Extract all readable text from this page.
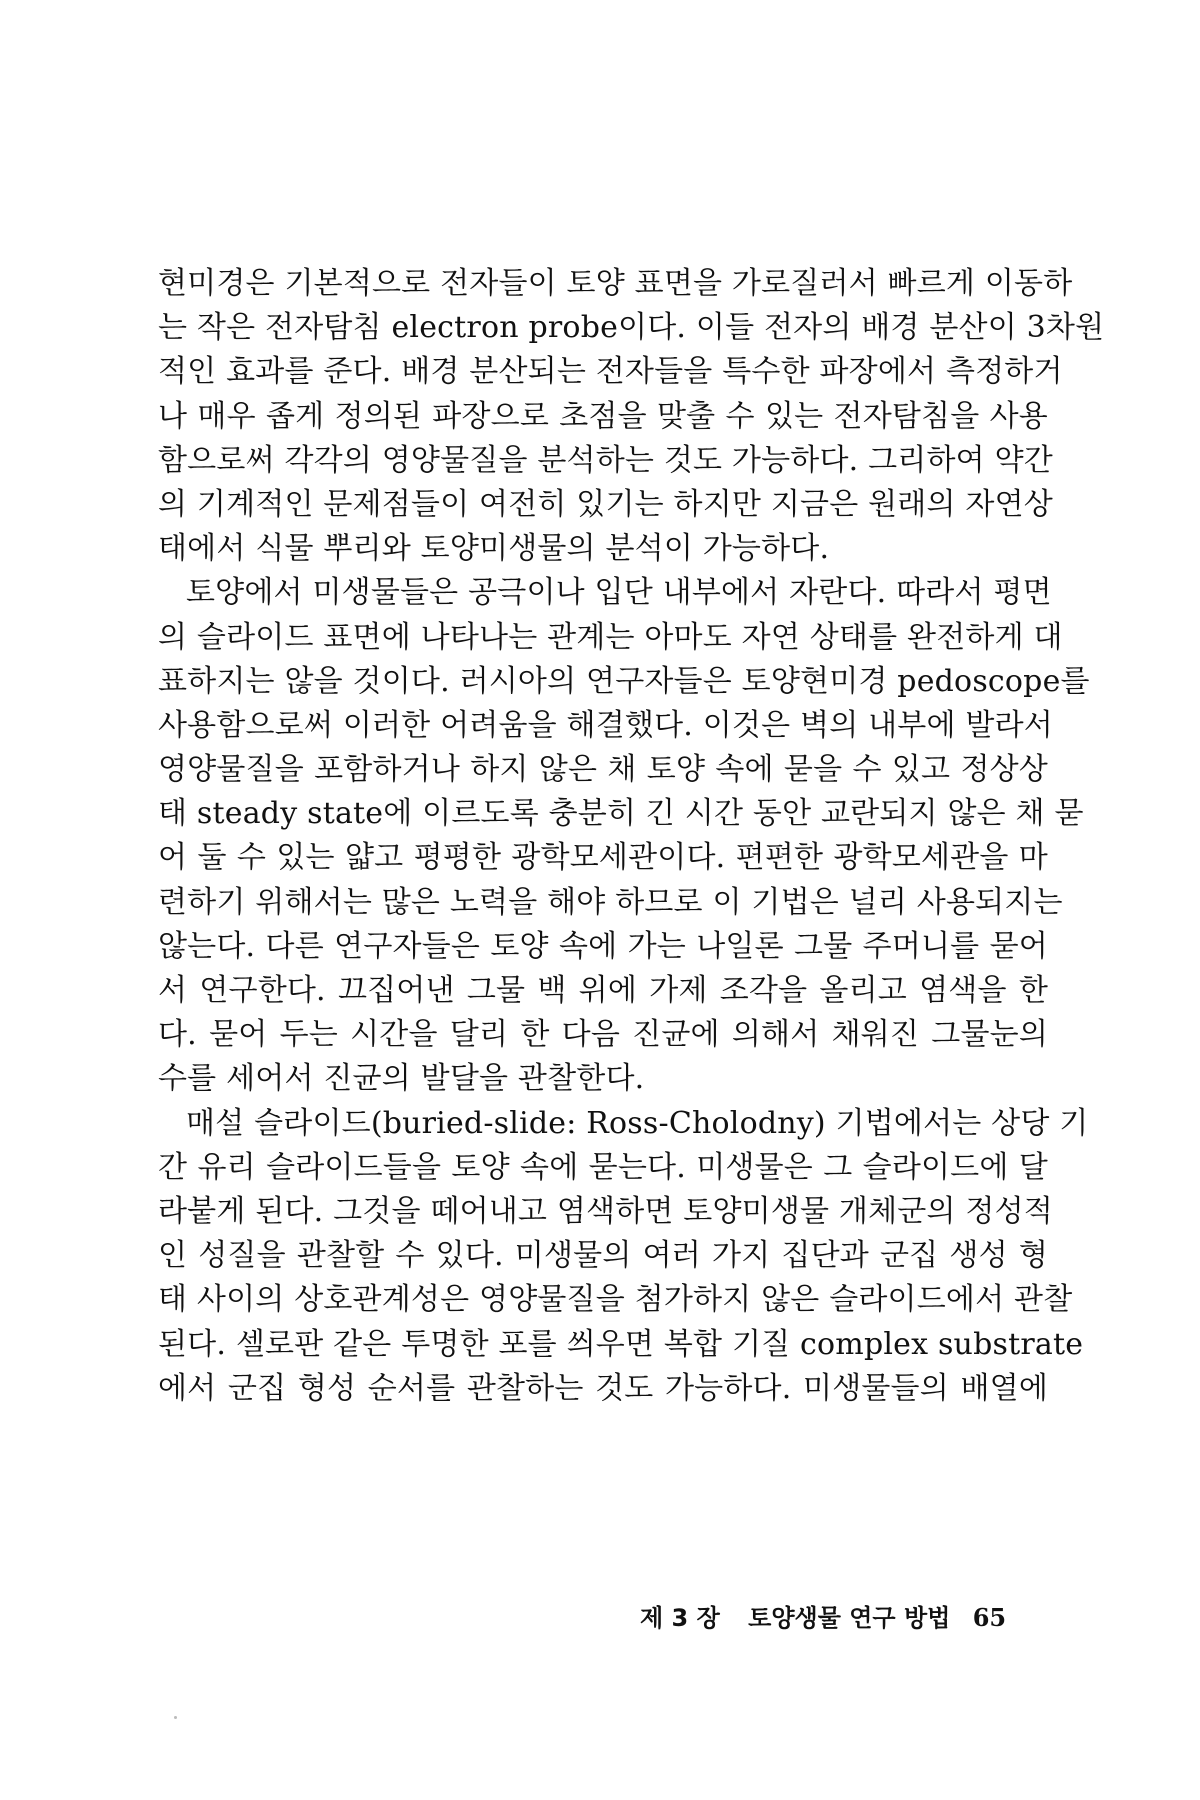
현미경은 기본적으로 전자들이 토양 표면을 가로질러서 빠르게 이동하
는 작은 전자탐침 electron probe이다. 이들 전자의 배경 분산이 3차원
적인 효과를 준다. 배경 분산되는 전자들을 특수한 파장에서 측정하거
나 매우 좁게 정의된 파장으로 초점을 맞출 수 있는 전자탐침을 사용
함으로써 각각의 영양물질을 분석하는 것도 가능하다. 그리하여 약간
의 기계적인 문제점들이 여전히 있기는 하지만 지금은 원래의 자연상
태에서 식물 뿌리와 토양미생물의 분석이 가능하다.
토양에서 미생물들은 공극이나 입단 내부에서 자란다. 따라서 평면
의 슬라이드 표면에 나타나는 관계는 아마도 자연 상태를 완전하게 대
표하지는 않을 것이다. 러시아의 연구자들은 토양현미경 pedoscope를
사용함으로써 이러한 어려움을 해결했다. 이것은 벽의 내부에 발라서
영양물질을 포함하거나 하지 않은 채 토양 속에 묻을 수 있고 정상상
태 steady state에 이르도록 충분히 긴 시간 동안 교란되지 않은 채 묻
어 둘 수 있는 얇고 평평한 광학모세관이다. 편편한 광학모세관을 마
련하기 위해서는 많은 노력을 해야 하므로 이 기법은 널리 사용되지는
않는다. 다른 연구자들은 토양 속에 가는 나일론 그물 주머니를 묻어
서 연구한다. 끄집어낸 그물 백 위에 가제 조각을 올리고 염색을 한
다. 묻어 두는 시간을 달리 한 다음 진균에 의해서 채워진 그물눈의
수를 세어서 진균의 발달을 관찰한다.
매설 슬라이드(buried-slide: Ross-Cholodny) 기법에서는 상당 기
간 유리 슬라이드들을 토양 속에 묻는다. 미생물은 그 슬라이드에 달
라붙게 된다. 그것을 떼어내고 염색하면 토양미생물 개체군의 정성적
인 성질을 관찰할 수 있다. 미생물의 여러 가지 집단과 군집 생성 형
태 사이의 상호관계성은 영양물질을 첨가하지 않은 슬라이드에서 관찰
된다. 셀로판 같은 투명한 포를 씌우면 복합 기질 complex substrate
에서 군집 형성 순서를 관찰하는 것도 가능하다. 미생물들의 배열에
제 3 장 토양생물 연구 방법 65
